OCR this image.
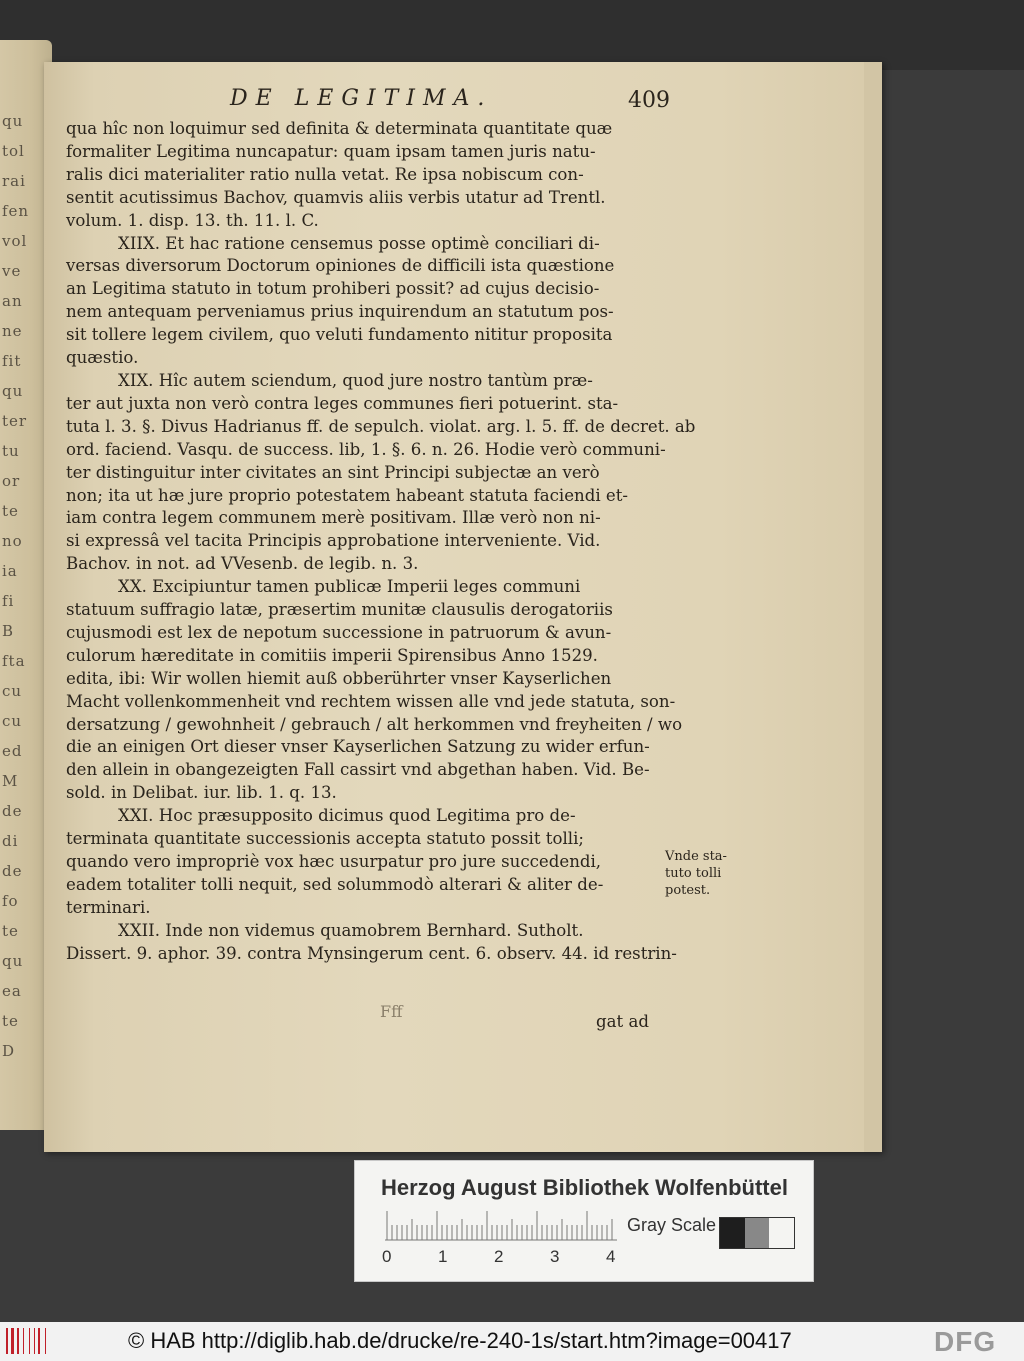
qu
tol
rai
fen
vol
ve
an
ne
fit
qu
ter
tu
or
te
no
ia
fi
B
fta
cu
cu
ed
M
de
di
de
fo
te
qu
ea
te
D
DE LEGITIMA.	409
qua hîc non loquimur sed definita & determinata quantitate quæ
formaliter Legitima nuncapatur: quam ipsam tamen juris natu-
ralis dici materialiter ratio nulla vetat. Re ipsa nobiscum con-
sentit acutissimus Bachov, quamvis aliis verbis utatur ad Trentl.
volum. 1. disp. 13. th. 11. l. C.
XIIX. Et hac ratione censemus posse optimè conciliari di-
versas diversorum Doctorum opiniones de difficili ista quæstione
an Legitima statuto in totum prohiberi possit? ad cujus decisio-
nem antequam perveniamus prius inquirendum an statutum pos-
sit tollere legem civilem, quo veluti fundamento nititur proposita
quæstio.
XIX. Hîc autem sciendum, quod jure nostro tantùm præ-
ter aut juxta non verò contra leges communes fieri potuerint. sta-
tuta l. 3. §. Divus Hadrianus ff. de sepulch. violat. arg. l. 5. ff. de decret. ab
ord. faciend. Vasqu. de success. lib, 1. §. 6. n. 26. Hodie verò communi-
ter distinguitur inter civitates an sint Principi subjectæ an verò
non; ita ut hæ jure proprio potestatem habeant statuta faciendi et-
iam contra legem communem merè positivam. Illæ verò non ni-
si expressâ vel tacita Principis approbatione interveniente. Vid.
Bachov. in not. ad VVesenb. de legib. n. 3.
XX. Excipiuntur tamen publicæ Imperii leges communi
statuum suffragio latæ, præsertim munitæ clausulis derogatoriis
cujusmodi est lex de nepotum successione in patruorum & avun-
culorum hæreditate in comitiis imperii Spirensibus Anno 1529.
edita, ibi: Wir wollen hiemit auß obberührter vnser Kayserlichen
Macht vollenkommenheit vnd rechtem wissen alle vnd jede statuta, son-
dersatzung / gewohnheit / gebrauch / alt herkommen vnd freyheiten / wo
die an einigen Ort dieser vnser Kayserlichen Satzung zu wider erfun-
den allein in obangezeigten Fall cassirt vnd abgethan haben. Vid. Be-
sold. in Delibat. iur. lib. 1. q. 13.
XXI. Hoc præsupposito dicimus quod Legitima pro de-
terminata quantitate successionis accepta statuto possit tolli;
quando vero impropriè vox hæc usurpatur pro jure succedendi,
eadem totaliter tolli nequit, sed solummodò alterari & aliter de-
terminari.
XXII. Inde non videmus quamobrem Bernhard. Sutholt.
Dissert. 9. aphor. 39. contra Mynsingerum cent. 6. observ. 44. id restrin-
Vnde sta-
tuto tolli
potest.
Fff
gat ad
Herzog August Bibliothek Wolfenbüttel
0	1	2	3	4
Gray Scale
© HAB http://diglib.hab.de/drucke/re-240-1s/start.htm?image=00417	DFG
